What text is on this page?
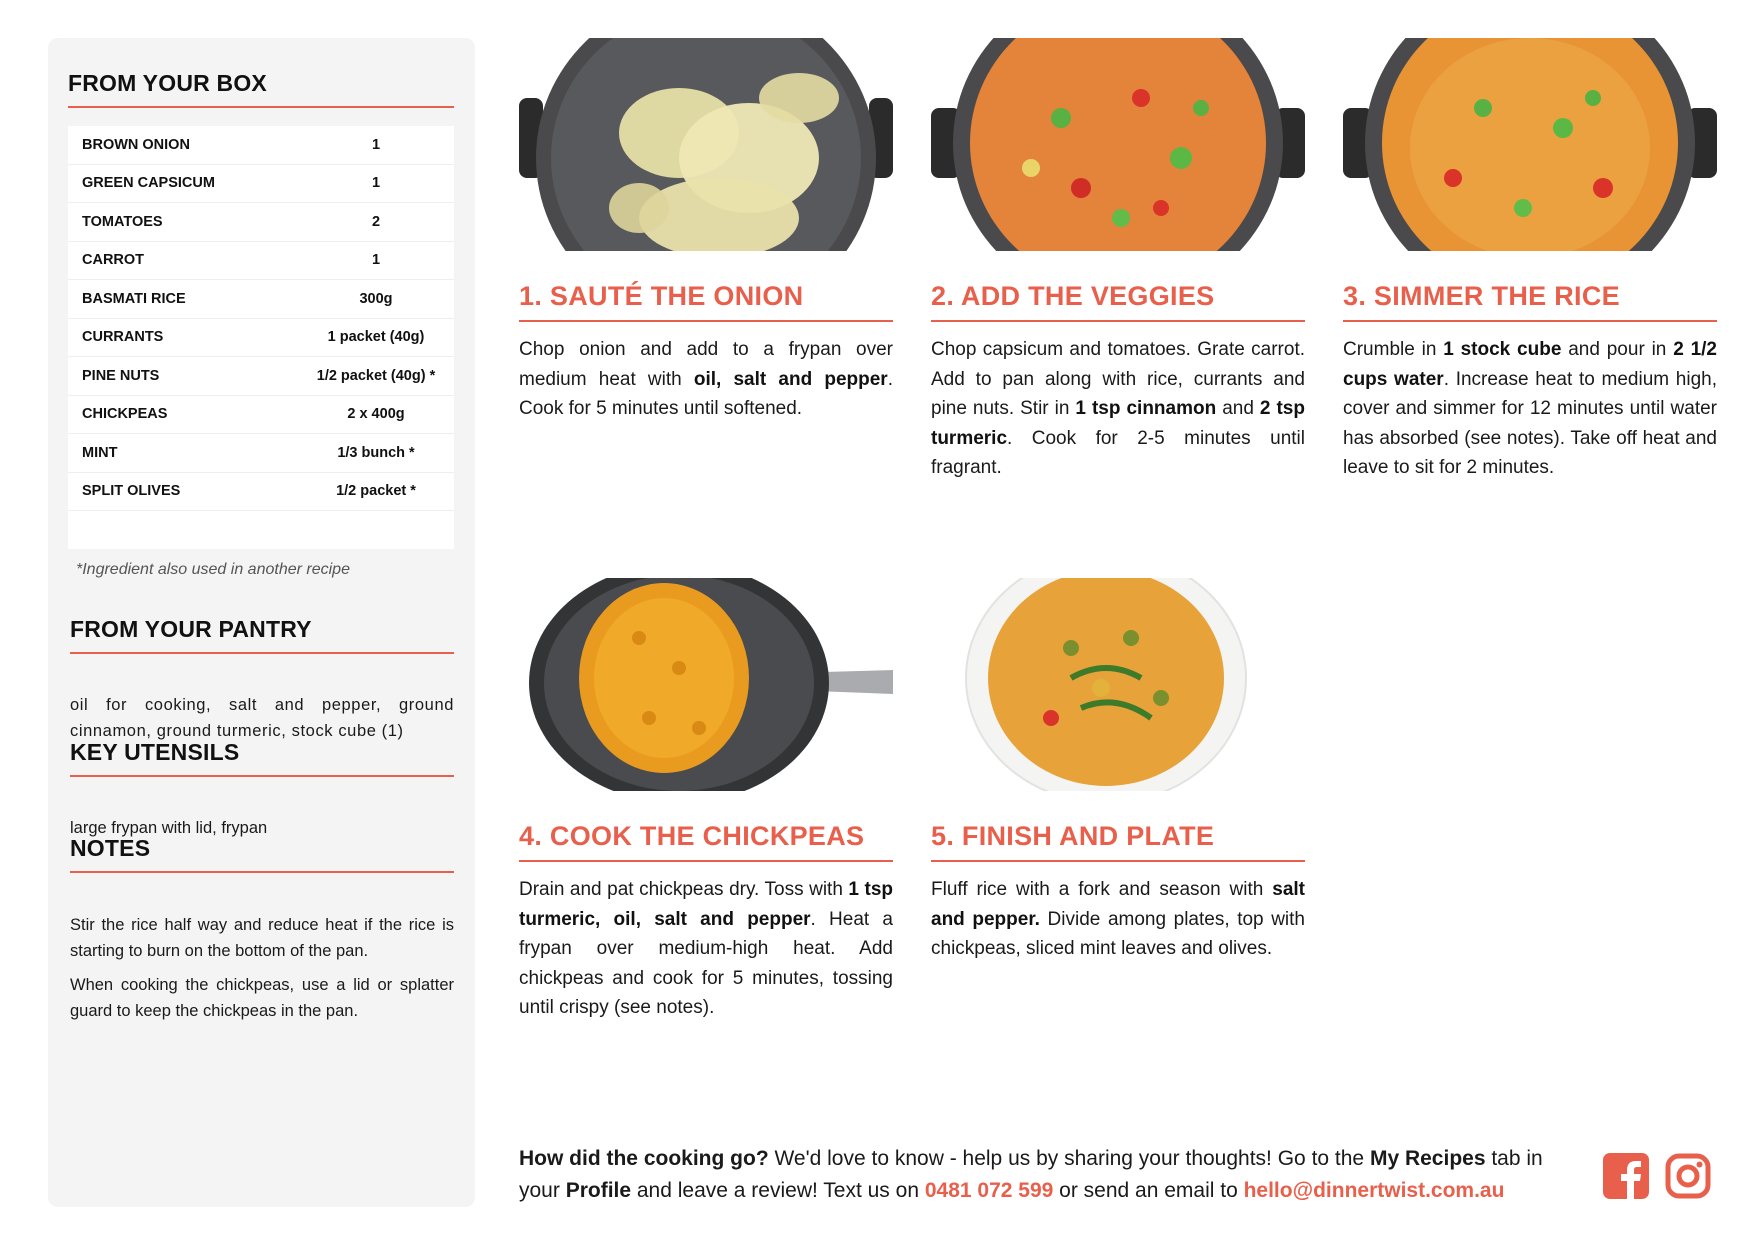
FROM YOUR BOX
BROWN ONION	1
GREEN CAPSICUM	1
TOMATOES	2
CARROT	1
BASMATI RICE	300g
CURRANTS	1 packet (40g)
PINE NUTS	1/2 packet (40g) *
CHICKPEAS	2 x 400g
MINT	1/3 bunch *
SPLIT OLIVES	1/2 packet *
*Ingredient also used in another recipe
FROM YOUR PANTRY
oil for cooking, salt and pepper, ground cinnamon, ground turmeric, stock cube (1)
KEY UTENSILS
large frypan with lid, frypan
NOTES
Stir the rice half way and reduce heat if the rice is starting to burn on the bottom of the pan.
When cooking the chickpeas, use a lid or splatter guard to keep the chickpeas in the pan.
1. SAUTÉ THE ONION
Chop onion and add to a frypan over medium heat with oil, salt and pepper. Cook for 5 minutes until softened.
2. ADD THE VEGGIES
Chop capsicum and tomatoes. Grate carrot. Add to pan along with rice, currants and pine nuts. Stir in 1 tsp cinnamon and 2 tsp turmeric. Cook for 2-5 minutes until fragrant.
3. SIMMER THE RICE
Crumble in 1 stock cube and pour in 2 1/2 cups water. Increase heat to medium high, cover and simmer for 12 minutes until water has absorbed (see notes). Take off heat and leave to sit for 2 minutes.
4. COOK THE CHICKPEAS
Drain and pat chickpeas dry. Toss with 1 tsp turmeric, oil, salt and pepper. Heat a frypan over medium-high heat. Add chickpeas and cook for 5 minutes, tossing until crispy (see notes).
5. FINISH AND PLATE
Fluff rice with a fork and season with salt and pepper. Divide among plates, top with chickpeas, sliced mint leaves and olives.
How did the cooking go? We'd love to know - help us by sharing your thoughts! Go to the My Recipes tab in your Profile and leave a review! Text us on 0481 072 599 or send an email to hello@dinnertwist.com.au
